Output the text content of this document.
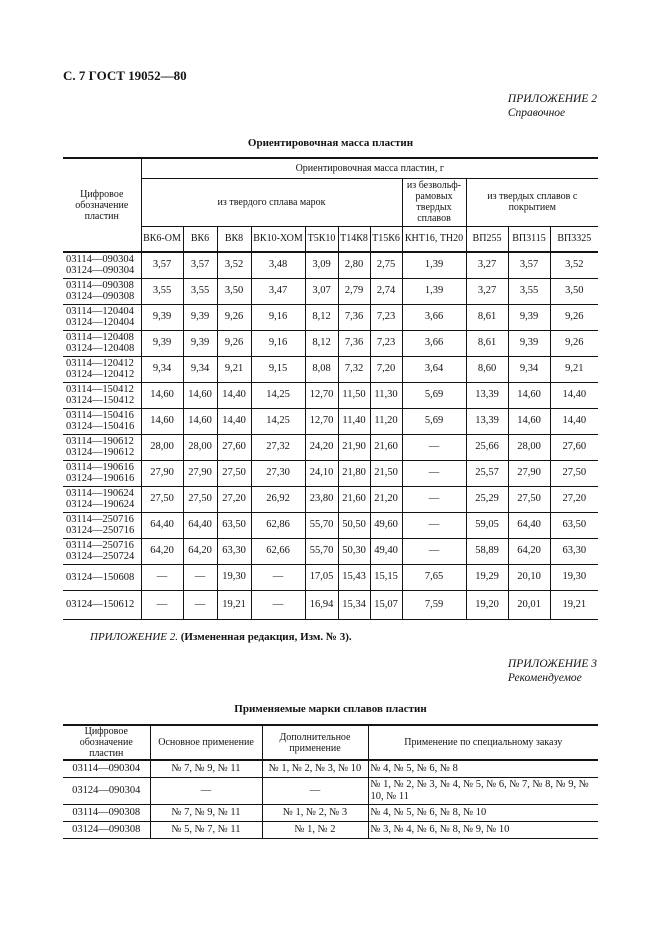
С. 7 ГОСТ 19052—80
ПРИЛОЖЕНИЕ 2
Справочное
Ориентировочная масса пластин
Цифровое обозначение пластин	Ориентировочная масса пластин, г										
	из твердого сплава марок							из безвольф-рамовых твердых сплавов	из твердых сплавов с покрытием		
	ВК6-ОМ	ВК6	ВК8	ВК10-ХОМ	Т5К10	Т14К8	Т15К6	КНТ16, ТН20	ВП255	ВП3115	ВП3325

03114—090304
03124—090304	3,57	3,57	3,52	3,48	3,09	2,80	2,75	1,39	3,27	3,57	3,52

03114—090308
03124—090308	3,55	3,55	3,50	3,47	3,07	2,79	2,74	1,39	3,27	3,55	3,50

03114—120404
03124—120404	9,39	9,39	9,26	9,16	8,12	7,36	7,23	3,66	8,61	9,39	9,26

03114—120408
03124—120408	9,39	9,39	9,26	9,16	8,12	7,36	7,23	3,66	8,61	9,39	9,26

03114—120412
03124—120412	9,34	9,34	9,21	9,15	8,08	7,32	7,20	3,64	8,60	9,34	9,21

03114—150412
03124—150412	14,60	14,60	14,40	14,25	12,70	11,50	11,30	5,69	13,39	14,60	14,40

03114—150416
03124—150416	14,60	14,60	14,40	14,25	12,70	11,40	11,20	5,69	13,39	14,60	14,40

03114—190612
03124—190612	28,00	28,00	27,60	27,32	24,20	21,90	21,60	—	25,66	28,00	27,60

03114—190616
03124—190616	27,90	27,90	27,50	27,30	24,10	21,80	21,50	—	25,57	27,90	27,50

03114—190624
03124—190624	27,50	27,50	27,20	26,92	23,80	21,60	21,20	—	25,29	27,50	27,20

03114—250716
03124—250716	64,40	64,40	63,50	62,86	55,70	50,50	49,60	—	59,05	64,40	63,50

03114—250716
03124—250724	64,20	64,20	63,30	62,66	55,70	50,30	49,40	—	58,89	64,20	63,30

03124—150608	—	—	19,30	—	17,05	15,43	15,15	7,65	19,29	20,10	19,30

03124—150612	—	—	19,21	—	16,94	15,34	15,07	7,59	19,20	20,01	19,21
ПРИЛОЖЕНИЕ 2. (Измененная редакция, Изм. № 3).
ПРИЛОЖЕНИЕ 3
Рекомендуемое
Применяемые марки сплавов пластин
Цифровое обозначение пластин	Основное применение	Дополнительное применение	Применение по специальному заказу
03114—090304	№ 7, № 9, № 11	№ 1, № 2, № 3, № 10	№ 4, № 5, № 6, № 8
03124—090304	—	—	№ 1, № 2, № 3, № 4, № 5, № 6, № 7, № 8, № 9, № 10, № 11
03114—090308	№ 7, № 9, № 11	№ 1, № 2, № 3	№ 4, № 5, № 6, № 8, № 10
03124—090308	№ 5, № 7, № 11	№ 1, № 2	№ 3, № 4, № 6, № 8, № 9, № 10
